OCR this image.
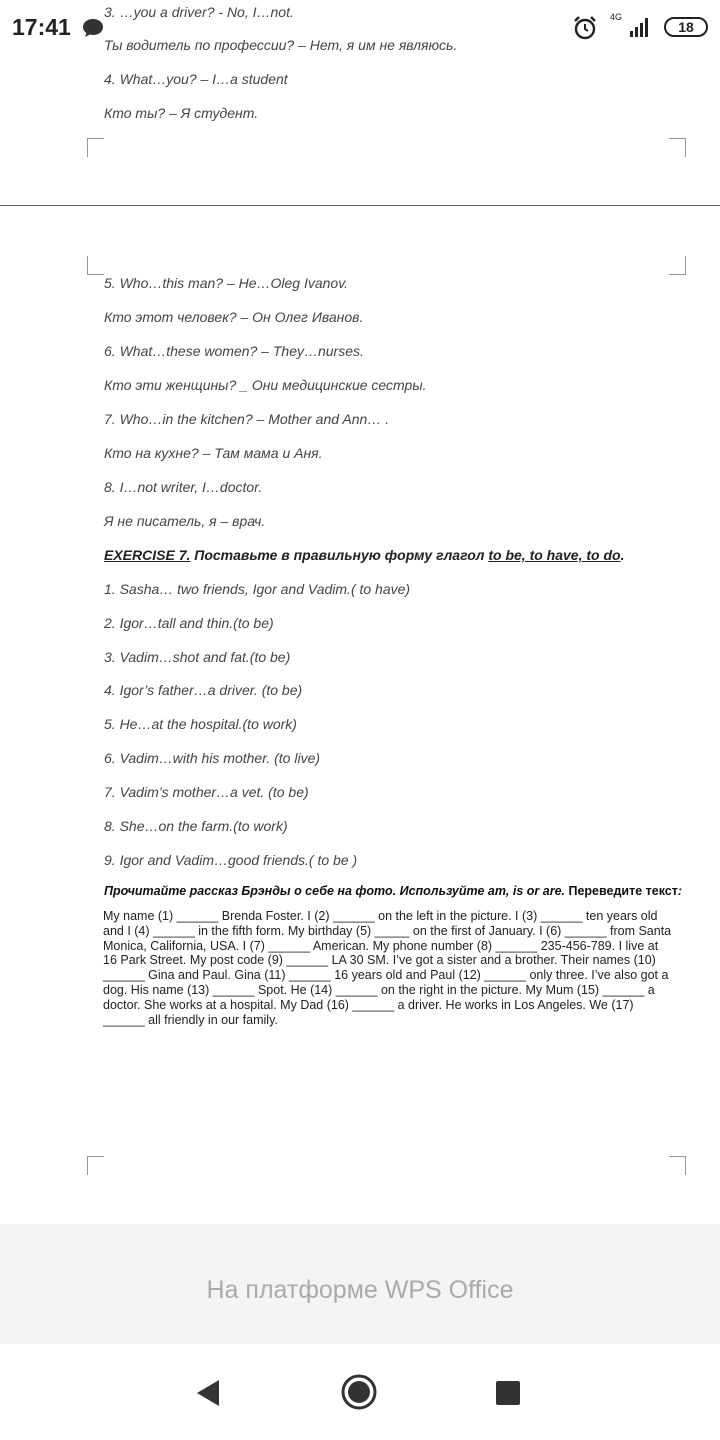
17:41	4G
18
3. …you a driver? - No, I…not.
Ты водитель по профессии? – Нет, я им не являюсь.
4. What…you? – I…a student
Кто ты? – Я студент.
5. Who…this man? – He…Oleg Ivanov.
Кто этот человек? – Он Олег Иванов.
6. What…these women? – They…nurses.
Кто эти женщины? _ Они медицинские сестры.
7. Who…in the kitchen? – Mother and Ann… .
Кто на кухне? – Там мама и Аня.
8. I…not writer, I…doctor.
Я не писатель, я – врач.
EXERCISE 7. Поставьте в правильную форму глагол to be, to have, to do.
1. Sasha… two friends, Igor and Vadim.( to have)
2. Igor…tall and thin.(to be)
3. Vadim…shot and fat.(to be)
4. Igor’s father…a driver. (to be)
5. He…at the hospital.(to work)
6. Vadim…with his mother. (to live)
7. Vadim’s mother…a vet. (to be)
8. She…on the farm.(to work)
9. Igor and Vadim…good friends.( to be )
Прочитайте рассказ Брэнды о себе на фото. Используйте am, is or are. Переведите текст:
My name (1) ______ Brenda Foster. I (2) ______ on the left in the picture. I (3) ______ ten years old and I (4) ______ in the fifth form. My birthday (5) _____ on the first of January. I (6) ______ from Santa Monica, California, USA. I (7) ______ American. My phone number (8) ______ 235-456-789. I live at 16 Park Street. My post code (9) ______ LA 30 SM. I’ve got a sister and a brother. Their names (10) ______ Gina and Paul. Gina (11) ______ 16 years old and Paul (12) ______ only three. I’ve also got a dog. His name (13) ______ Spot. He (14) ______ on the right in the picture. My Mum (15) ______ a doctor. She works at a hospital. My Dad (16) ______ a driver. He works in Los Angeles. We (17) ______ all friendly in our family.
На платформе WPS Office
